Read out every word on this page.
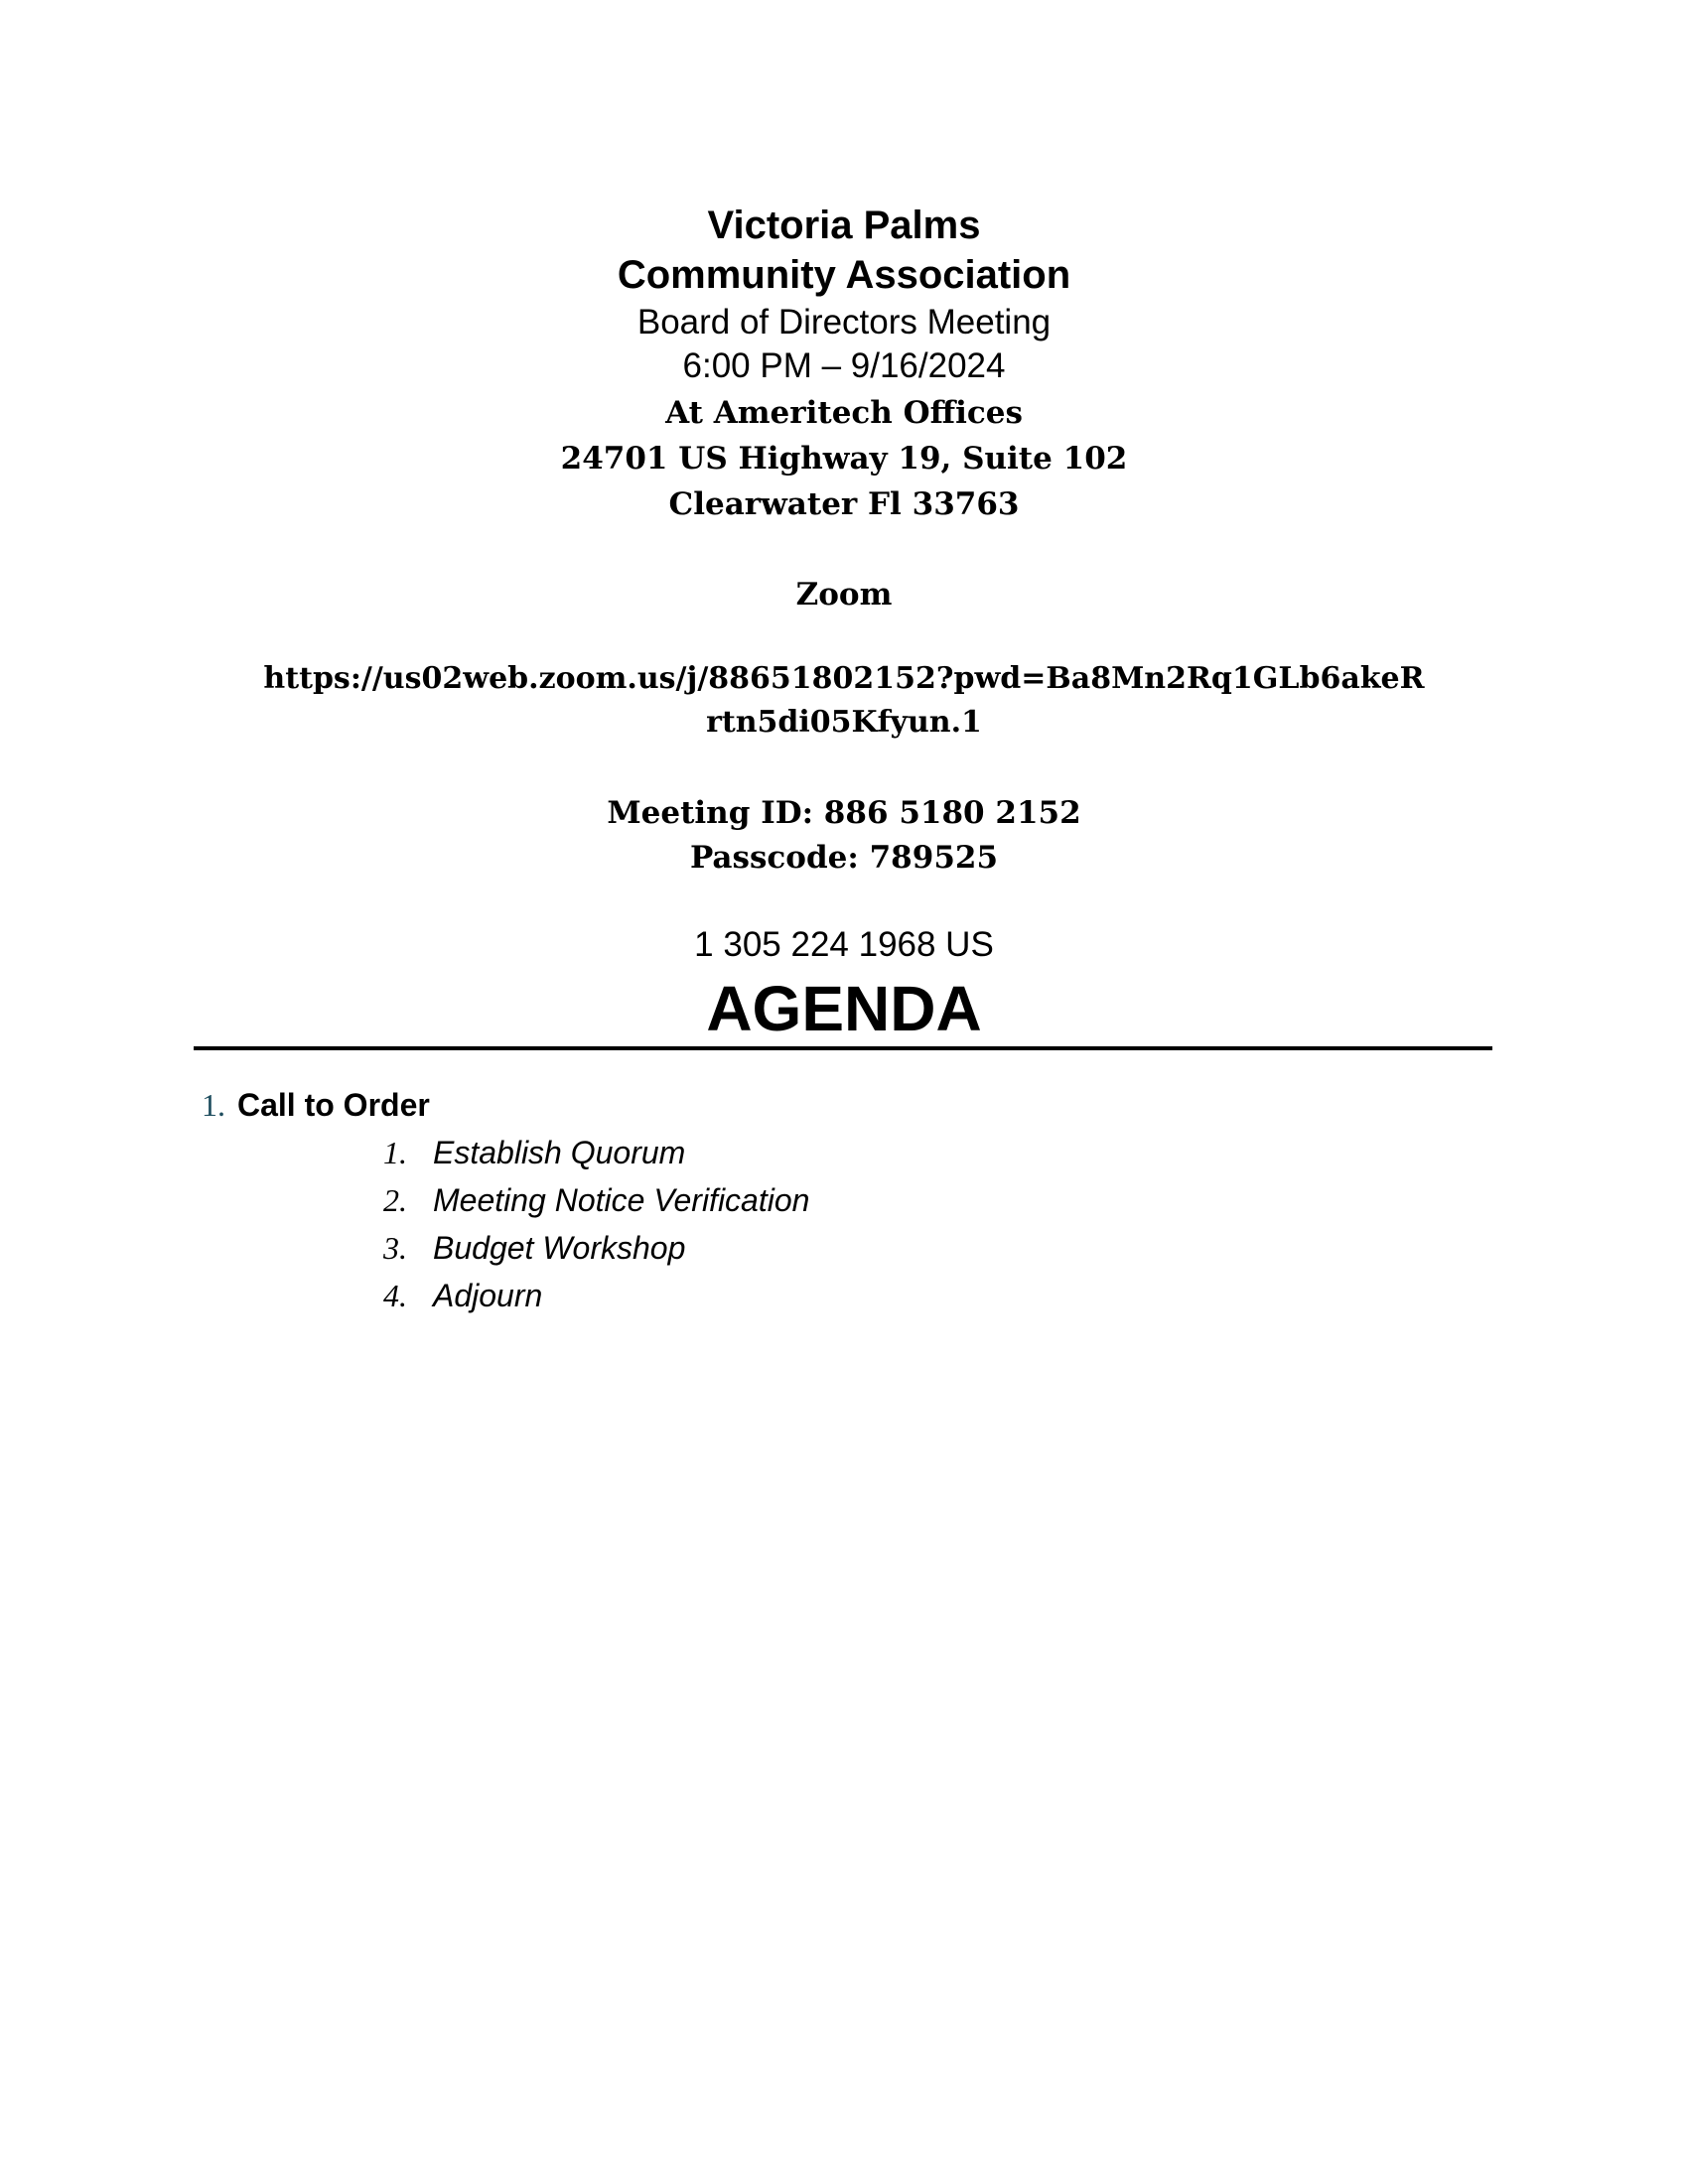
Victoria Palms
Community Association
Board of Directors Meeting
6:00 PM – 9/16/2024
At Ameritech Offices
24701 US Highway 19, Suite 102
Clearwater Fl 33763
Zoom
https://us02web.zoom.us/j/88651802152?pwd=Ba8Mn2Rq1GLb6akeR
rtn5di05Kfyun.1
Meeting ID: 886 5180 2152
Passcode: 789525
1 305 224 1968 US
AGENDA
1. Call to Order
1. Establish Quorum
2. Meeting Notice Verification
3. Budget Workshop
4. Adjourn
